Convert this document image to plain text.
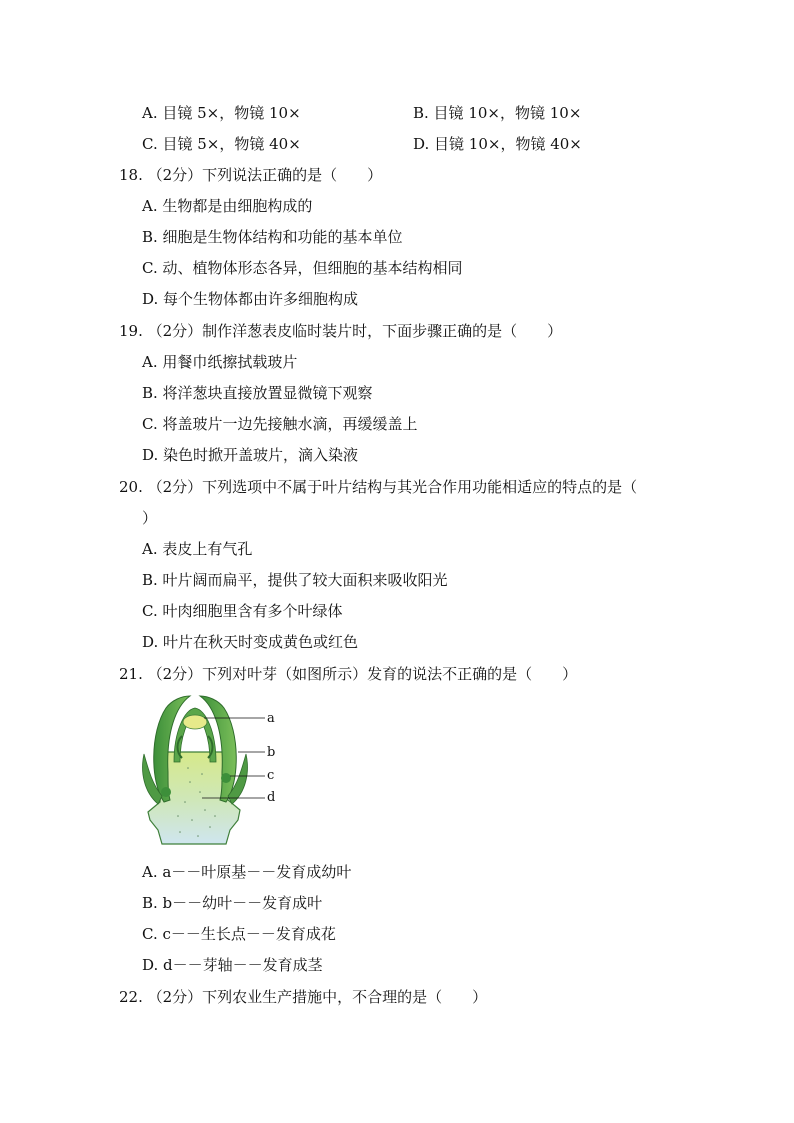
A. 目镜 5×，物镜 10×	B. 目镜 10×，物镜 10×
C. 目镜 5×，物镜 40×	D. 目镜 10×，物镜 40×
18. （2分）下列说法正确的是（　　）
A. 生物都是由细胞构成的
B. 细胞是生物体结构和功能的基本单位
C. 动、植物体形态各异，但细胞的基本结构相同
D. 每个生物体都由许多细胞构成
19. （2分）制作洋葱表皮临时装片时，下面步骤正确的是（　　）
A. 用餐巾纸擦拭载玻片
B. 将洋葱块直接放置显微镜下观察
C. 将盖玻片一边先接触水滴，再缓缓盖上
D. 染色时掀开盖玻片，滴入染液
20. （2分）下列选项中不属于叶片结构与其光合作用功能相适应的特点的是（
）
A. 表皮上有气孔
B. 叶片阔而扁平，提供了较大面积来吸收阳光
C. 叶肉细胞里含有多个叶绿体
D. 叶片在秋天时变成黄色或红色
21. （2分）下列对叶芽（如图所示）发育的说法不正确的是（　　）
a
b
c
d
A. a－－叶原基－－发育成幼叶
B. b－－幼叶－－发育成叶
C. c－－生长点－－发育成花
D. d－－芽轴－－发育成茎
22. （2分）下列农业生产措施中，不合理的是（　　）
